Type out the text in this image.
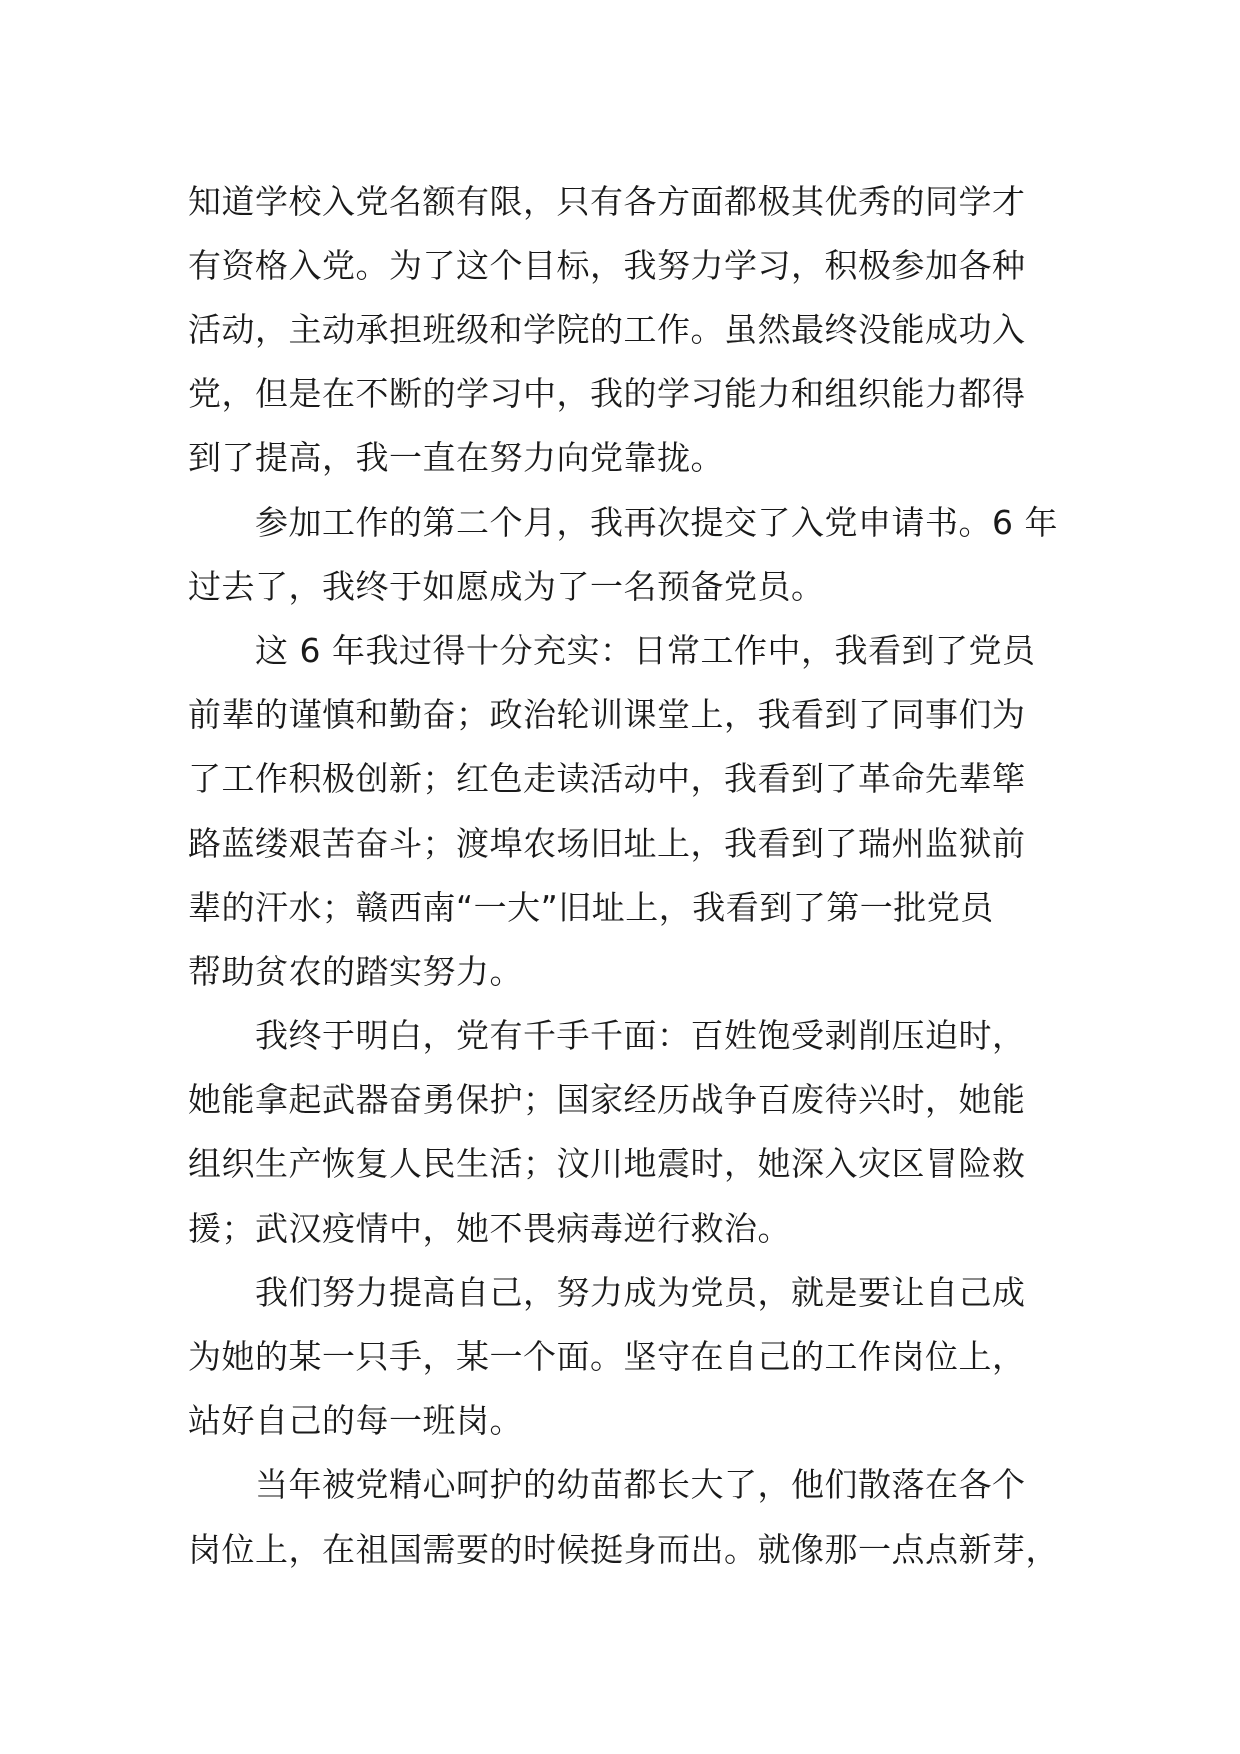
知道学校入党名额有限，只有各方面都极其优秀的同学才
有资格入党。为了这个目标，我努力学习，积极参加各种
活动，主动承担班级和学院的工作。虽然最终没能成功入
党，但是在不断的学习中，我的学习能力和组织能力都得
到了提高，我一直在努力向党靠拢。
参加工作的第二个月，我再次提交了入党申请书。6 年
过去了，我终于如愿成为了一名预备党员。
这 6 年我过得十分充实：日常工作中，我看到了党员
前辈的谨慎和勤奋；政治轮训课堂上，我看到了同事们为
了工作积极创新；红色走读活动中，我看到了革命先辈筚
路蓝缕艰苦奋斗；渡埠农场旧址上，我看到了瑞州监狱前
辈的汗水；赣西南“一大”旧址上，我看到了第一批党员
帮助贫农的踏实努力。
我终于明白，党有千手千面：百姓饱受剥削压迫时，
她能拿起武器奋勇保护；国家经历战争百废待兴时，她能
组织生产恢复人民生活；汶川地震时，她深入灾区冒险救
援；武汉疫情中，她不畏病毒逆行救治。
我们努力提高自己，努力成为党员，就是要让自己成
为她的某一只手，某一个面。坚守在自己的工作岗位上，
站好自己的每一班岗。
当年被党精心呵护的幼苗都长大了，他们散落在各个
岗位上，在祖国需要的时候挺身而出。就像那一点点新芽，
